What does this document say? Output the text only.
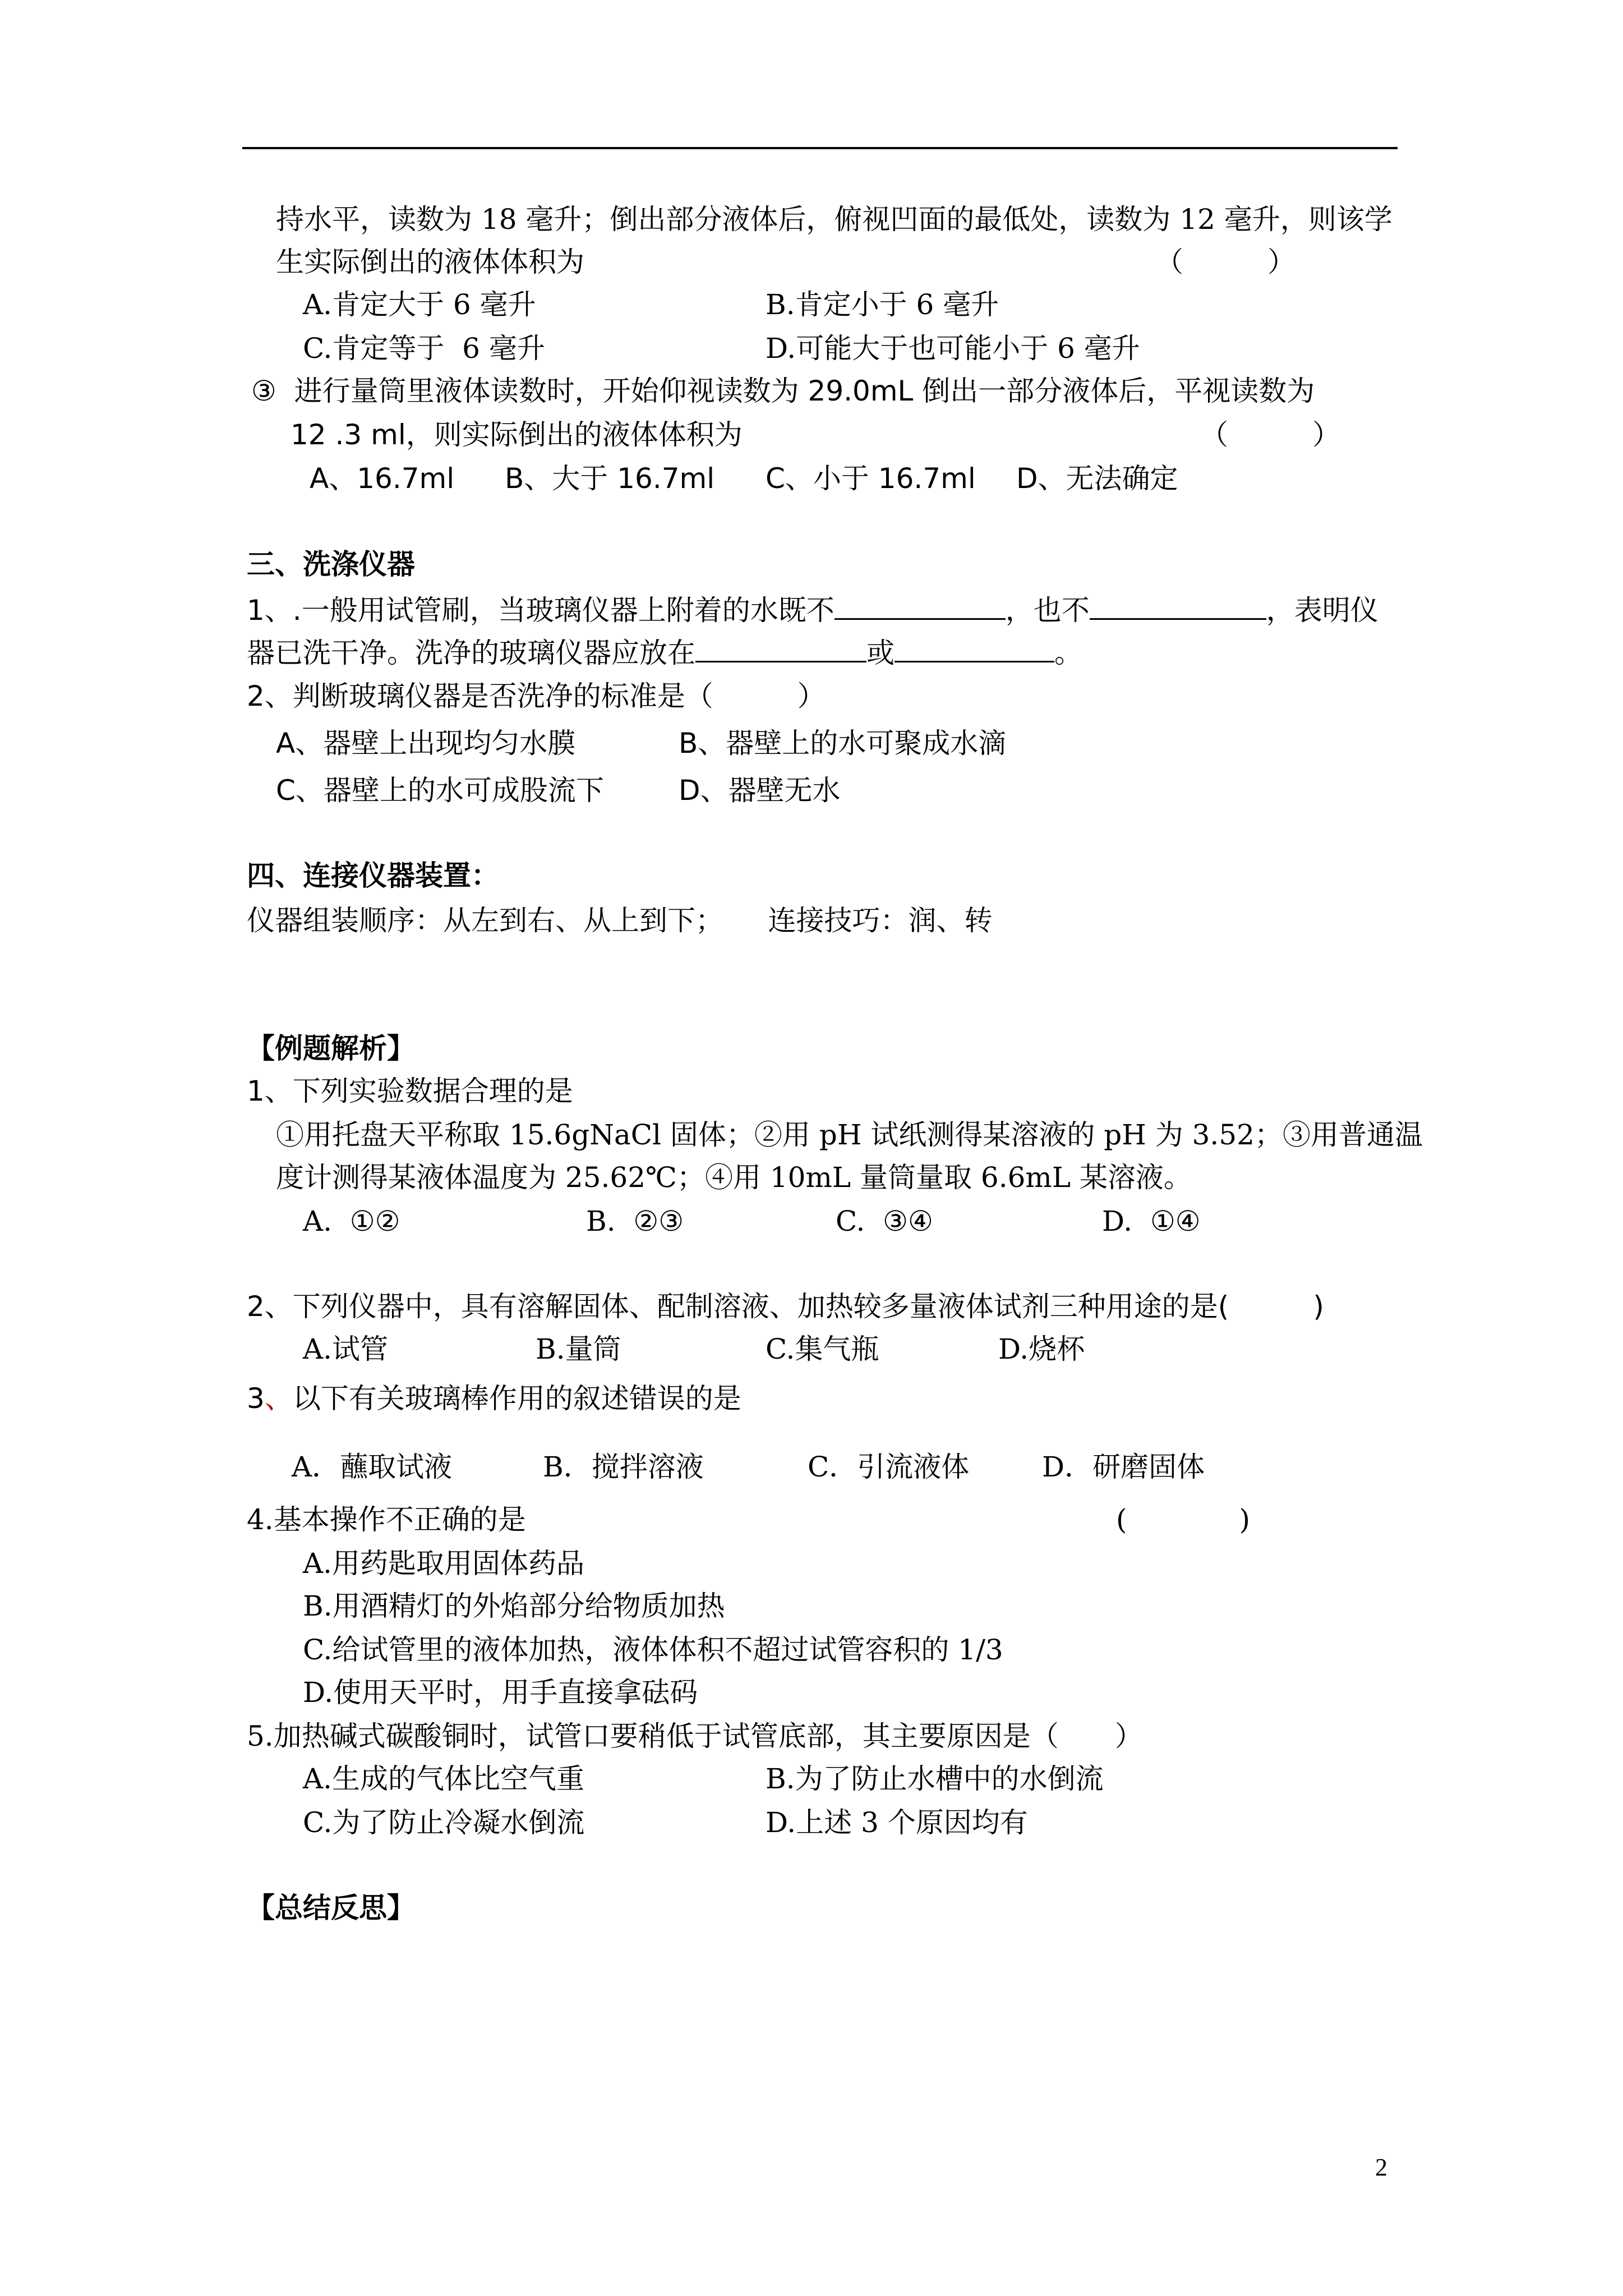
持水平，读数为 18 毫升；倒出部分液体后，俯视凹面的最低处，读数为 12 毫升，则该学
生实际倒出的液体体积为	（　　　）
A.肯定大于 6 毫升	B.肯定小于 6 毫升
C.肯定等于  6 毫升	D.可能大于也可能小于 6 毫升
③  进行量筒里液体读数时，开始仰视读数为 29.0mL 倒出一部分液体后，平视读数为
12 .3 ml，则实际倒出的液体体积为	（　　　）
A、16.7ml B、大于 16.7ml C、小于 16.7ml D、无法确定
三、洗涤仪器
1、.一般用试管刷，当玻璃仪器上附着的水既不	，也不	，表明仪
器已洗干净。洗净的玻璃仪器应放在	或	。
2、判断玻璃仪器是否洗净的标准是（　　　）
A、器壁上出现均匀水膜	B、器壁上的水可聚成水滴
C、器壁上的水可成股流下	D、器壁无水
四、连接仪器装置：
仪器组装顺序：从左到右、从上到下；     连接技巧：润、转
【例题解析】
1、下列实验数据合理的是
①用托盘天平称取 15.6gNaCl 固体；②用 pH 试纸测得某溶液的 pH 为 3.52；③用普通温
度计测得某液体温度为 25.62℃；④用 10mL 量筒量取 6.6mL 某溶液。
A.  ①②	B.  ②③	C.  ③④	D.  ①④
2、下列仪器中，具有溶解固体、配制溶液、加热较多量液体试剂三种用途的是(　　　)
A.试管	B.量筒	C.集气瓶	D.烧杯
3、以下有关玻璃棒作用的叙述错误的是
A．蘸取试液	B．搅拌溶液	C．引流液体	D．研磨固体
4.基本操作不正确的是	(　　　　)
A.用药匙取用固体药品
B.用酒精灯的外焰部分给物质加热
C.给试管里的液体加热，液体体积不超过试管容积的 1/3
D.使用天平时，用手直接拿砝码
5.加热碱式碳酸铜时，试管口要稍低于试管底部，其主要原因是（　　）
A.生成的气体比空气重	B.为了防止水槽中的水倒流
C.为了防止冷凝水倒流	D.上述 3 个原因均有
【总结反思】
2
